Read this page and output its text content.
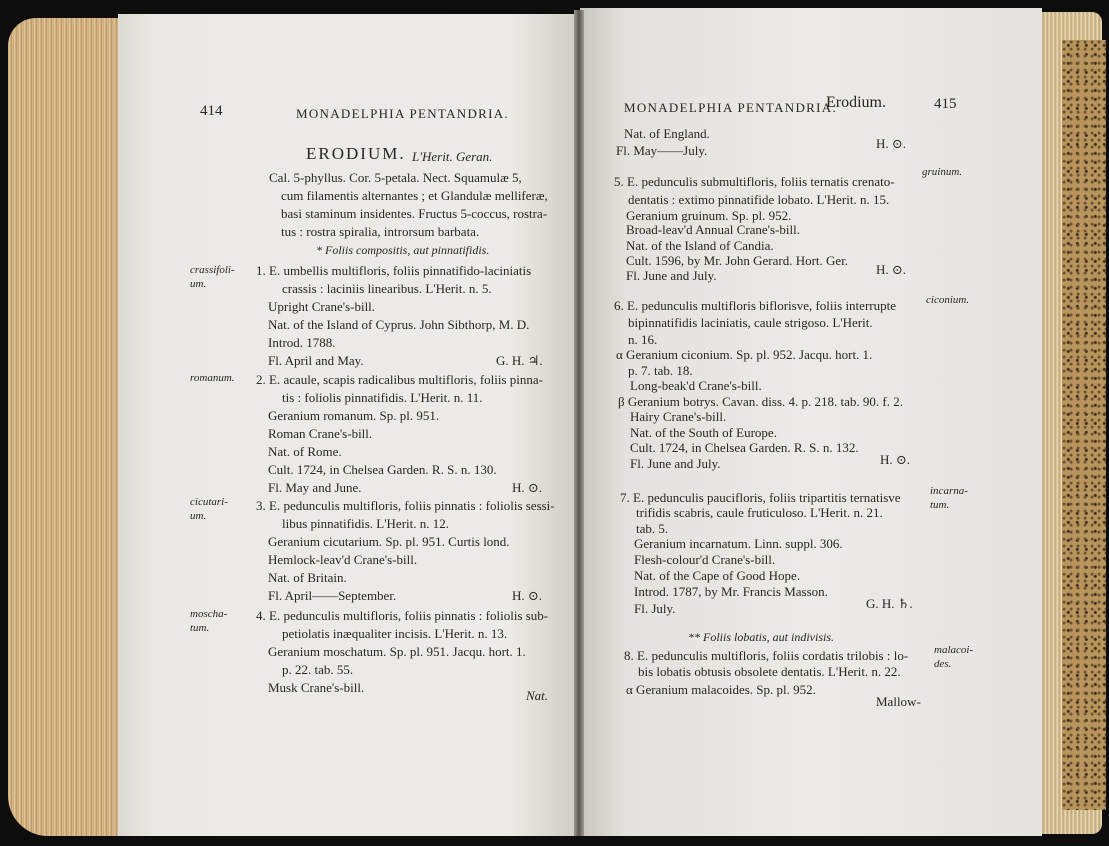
414	MONADELPHIA PENTANDRIA.
ERODIUM. L'Herit. Geran.
Cal. 5-phyllus. Cor. 5-petala. Nect. Squamulæ 5,
cum filamentis alternantes ; et Glandulæ melliferæ,
basi staminum insidentes. Fructus 5-coccus, rostra-
tus : rostra spiralia, introrsum barbata.
* Foliis compositis, aut pinnatifidis.
crassifoli-
um.
romanum.
cicutari-
um.
moscha-
tum.
1. E. umbellis multifloris, foliis pinnatifido-laciniatis
crassis : laciniis linearibus. L'Herit. n. 5.
Upright Crane's-bill.
Nat. of the Island of Cyprus. John Sibthorp, M. D.
Introd. 1788.
Fl. April and May.	G. H. ♃.
2. E. acaule, scapis radicalibus multifloris, foliis pinna-
tis : foliolis pinnatifidis. L'Herit. n. 11.
Geranium romanum. Sp. pl. 951.
Roman Crane's-bill.
Nat. of Rome.
Cult. 1724, in Chelsea Garden. R. S. n. 130.
Fl. May and June.	H. ⊙.
3. E. pedunculis multifloris, foliis pinnatis : foliolis sessi-
libus pinnatifidis. L'Herit. n. 12.
Geranium cicutarium. Sp. pl. 951. Curtis lond.
Hemlock-leav'd Crane's-bill.
Nat. of Britain.
Fl. April——September.	H. ⊙.
4. E. pedunculis multifloris, foliis pinnatis : foliolis sub-
petiolatis inæqualiter incisis. L'Herit. n. 13.
Geranium moschatum. Sp. pl. 951. Jacqu. hort. 1.
p. 22. tab. 55.
Musk Crane's-bill.
Nat.
MONADELPHIA PENTANDRIA.
Erodium.	415
Nat. of England.
Fl. May——July.	H. ⊙.
gruinum.
ciconium.
incarna-
tum.
malacoi-
des.
5. E. pedunculis submultifloris, foliis ternatis crenato-
dentatis : extimo pinnatifide lobato. L'Herit. n. 15.
Geranium gruinum. Sp. pl. 952.
Broad-leav'd Annual Crane's-bill.
Nat. of the Island of Candia.
Cult. 1596, by Mr. John Gerard. Hort. Ger.
Fl. June and July.	H. ⊙.
6. E. pedunculis multifloris biflorisve, foliis interrupte
bipinnatifidis laciniatis, caule strigoso. L'Herit.
n. 16.
α Geranium ciconium. Sp. pl. 952. Jacqu. hort. 1.
p. 7. tab. 18.
Long-beak'd Crane's-bill.
β Geranium botrys. Cavan. diss. 4. p. 218. tab. 90. f. 2.
Hairy Crane's-bill.
Nat. of the South of Europe.
Cult. 1724, in Chelsea Garden. R. S. n. 132.
Fl. June and July.	H. ⊙.
7. E. pedunculis paucifloris, foliis tripartitis ternatisve
trifidis scabris, caule fruticuloso. L'Herit. n. 21.
tab. 5.
Geranium incarnatum. Linn. suppl. 306.
Flesh-colour'd Crane's-bill.
Nat. of the Cape of Good Hope.
Introd. 1787, by Mr. Francis Masson.
Fl. July.	G. H. ♄.
** Foliis lobatis, aut indivisis.
8. E. pedunculis multifloris, foliis cordatis trilobis : lo-
bis lobatis obtusis obsolete dentatis. L'Herit. n. 22.
α Geranium malacoides. Sp. pl. 952.
Mallow-
